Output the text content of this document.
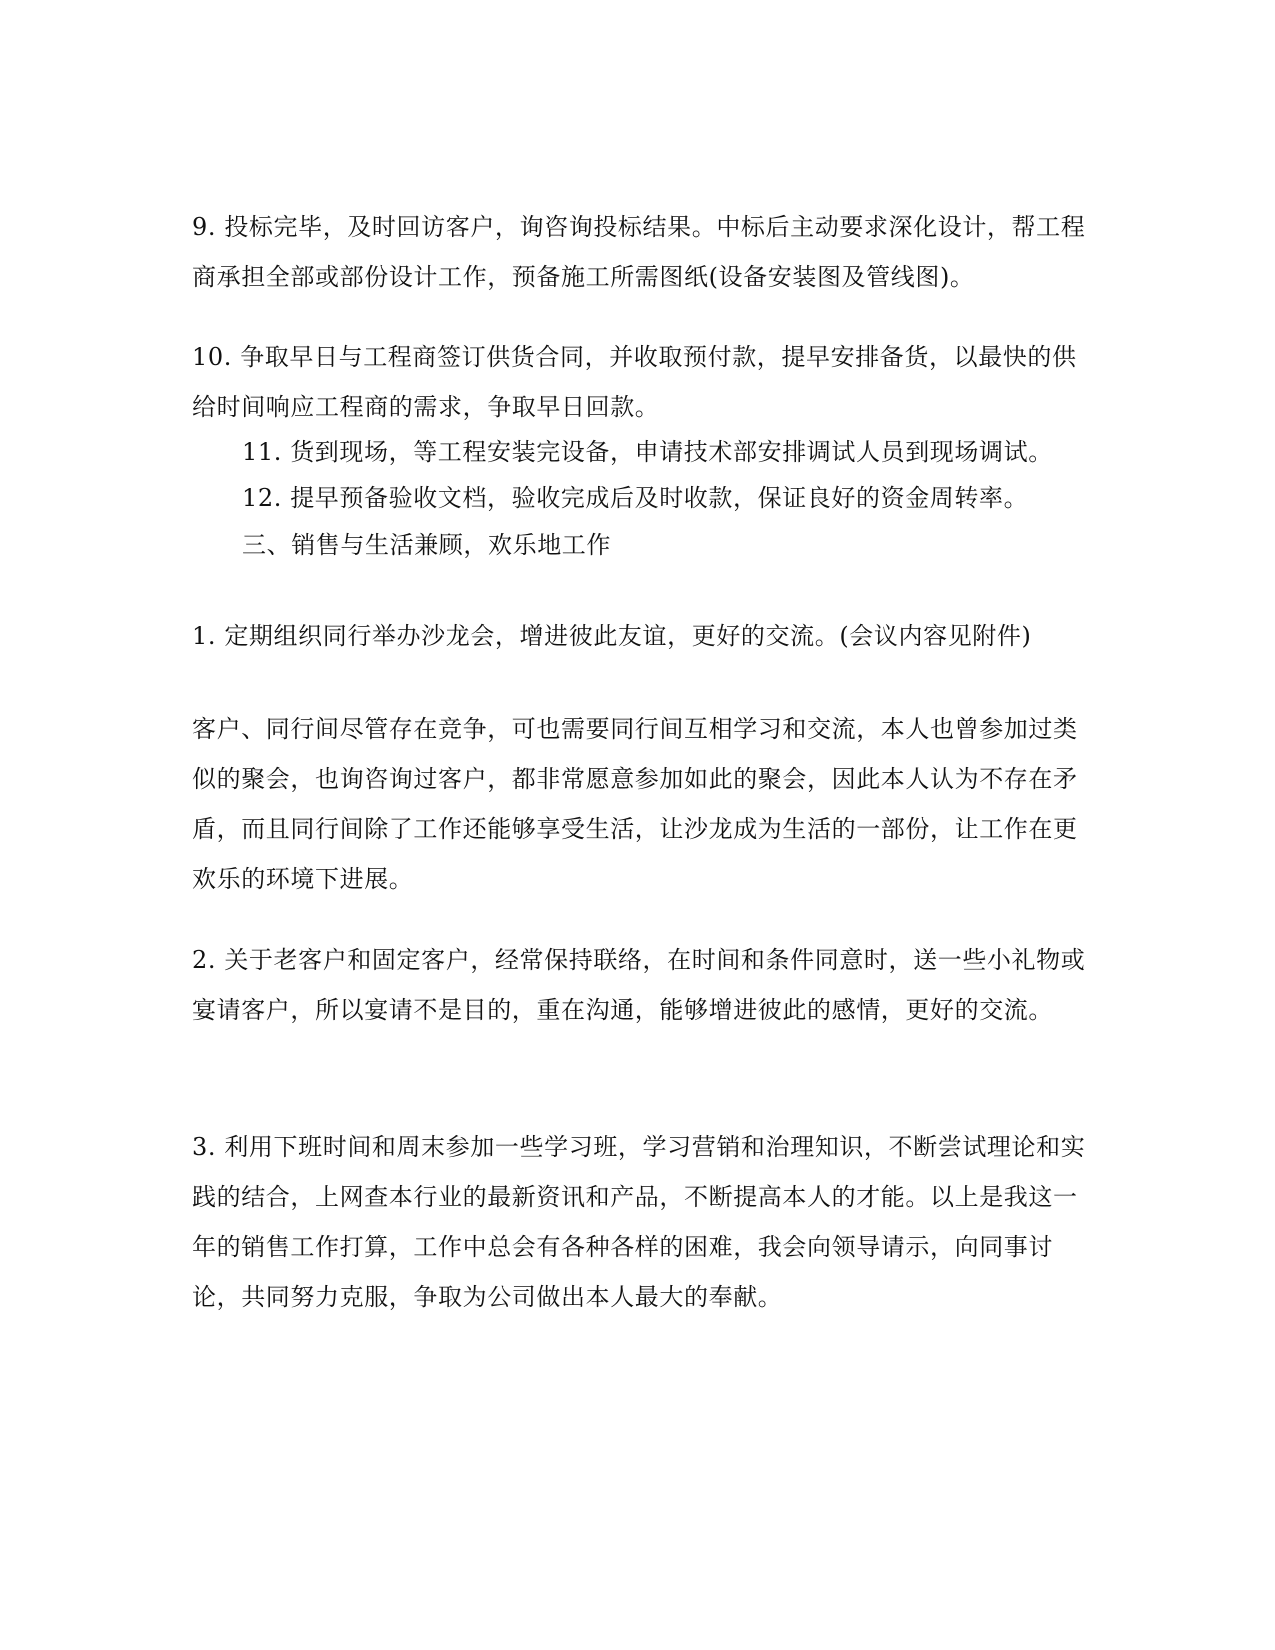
9. 投标完毕，及时回访客户，询咨询投标结果。中标后主动要求深化设计，帮工程商承担全部或部份设计工作，预备施工所需图纸(设备安装图及管线图)。

10. 争取早日与工程商签订供货合同，并收取预付款，提早安排备货，以最快的供给时间响应工程商的需求，争取早日回款。

11. 货到现场，等工程安装完设备，申请技术部安排调试人员到现场调试。

12. 提早预备验收文档，验收完成后及时收款，保证良好的资金周转率。

三、销售与生活兼顾，欢乐地工作

1. 定期组织同行举办沙龙会，增进彼此友谊，更好的交流。(会议内容见附件)

客户、同行间尽管存在竞争，可也需要同行间互相学习和交流，本人也曾参加过类似的聚会，也询咨询过客户，都非常愿意参加如此的聚会，因此本人认为不存在矛盾，而且同行间除了工作还能够享受生活，让沙龙成为生活的一部份，让工作在更欢乐的环境下进展。

2. 关于老客户和固定客户，经常保持联络，在时间和条件同意时，送一些小礼物或宴请客户，所以宴请不是目的，重在沟通，能够增进彼此的感情，更好的交流。

3. 利用下班时间和周末参加一些学习班，学习营销和治理知识，不断尝试理论和实践的结合，上网查本行业的最新资讯和产品，不断提高本人的才能。以上是我这一年的销售工作打算，工作中总会有各种各样的困难，我会向领导请示，向同事讨论，共同努力克服，争取为公司做出本人最大的奉献。
